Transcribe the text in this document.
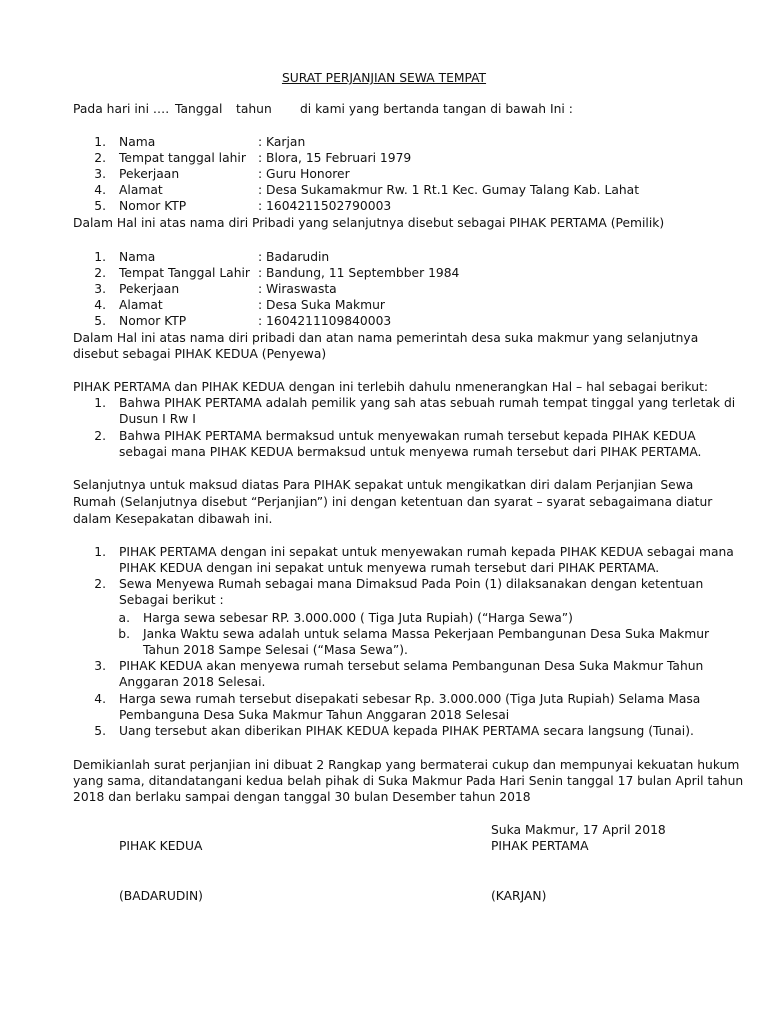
SURAT PERJANJIAN SEWA TEMPAT
Pada hari ini …. Tanggal tahun di kami yang bertanda tangan di bawah Ini :
1. Nama	: Karjan
2. Tempat tanggal lahir : Blora, 15 Februari 1979
3. Pekerjaan	: Guru Honorer
4. Alamat	: Desa Sukamakmur Rw. 1 Rt.1 Kec. Gumay Talang Kab. Lahat
5. Nomor KTP	: 1604211502790003
Dalam Hal ini atas nama diri Pribadi yang selanjutnya disebut sebagai PIHAK PERTAMA (Pemilik)
1. Nama	: Badarudin
2. Tempat Tanggal Lahir : Bandung, 11 Septembber 1984
3. Pekerjaan	: Wiraswasta
4. Alamat	: Desa Suka Makmur
5. Nomor KTP	: 1604211109840003
Dalam Hal ini atas nama diri pribadi dan atan nama pemerintah desa suka makmur yang selanjutnya
disebut sebagai PIHAK KEDUA (Penyewa)
PIHAK PERTAMA dan PIHAK KEDUA dengan ini terlebih dahulu nmenerangkan Hal – hal sebagai berikut:
1. Bahwa PIHAK PERTAMA adalah pemilik yang sah atas sebuah rumah tempat tinggal yang terletak di
Dusun I Rw I
2. Bahwa PIHAK PERTAMA bermaksud untuk menyewakan rumah tersebut kepada PIHAK KEDUA
sebagai mana PIHAK KEDUA bermaksud untuk menyewa rumah tersebut dari PIHAK PERTAMA.
Selanjutnya untuk maksud diatas Para PIHAK sepakat untuk mengikatkan diri dalam Perjanjian Sewa
Rumah (Selanjutnya disebut “Perjanjian”) ini dengan ketentuan dan syarat – syarat sebagaimana diatur
dalam Kesepakatan dibawah ini.
1. PIHAK PERTAMA dengan ini sepakat untuk menyewakan rumah kepada PIHAK KEDUA sebagai mana
PIHAK KEDUA dengan ini sepakat untuk menyewa rumah tersebut dari PIHAK PERTAMA.
2. Sewa Menyewa Rumah sebagai mana Dimaksud Pada Poin (1) dilaksanakan dengan ketentuan
Sebagai berikut :
a. Harga sewa sebesar RP. 3.000.000 ( Tiga Juta Rupiah) (“Harga Sewa”)
b. Janka Waktu sewa adalah untuk selama Massa Pekerjaan Pembangunan Desa Suka Makmur
Tahun 2018 Sampe Selesai (“Masa Sewa”).
3. PIHAK KEDUA akan menyewa rumah tersebut selama Pembangunan Desa Suka Makmur Tahun
Anggaran 2018 Selesai.
4. Harga sewa rumah tersebut disepakati sebesar Rp. 3.000.000 (Tiga Juta Rupiah) Selama Masa
Pembanguna Desa Suka Makmur Tahun Anggaran 2018 Selesai
5. Uang tersebut akan diberikan PIHAK KEDUA kepada PIHAK PERTAMA secara langsung (Tunai).
Demikianlah surat perjanjian ini dibuat 2 Rangkap yang bermaterai cukup dan mempunyai kekuatan hukum
yang sama, ditandatangani kedua belah pihak di Suka Makmur Pada Hari Senin tanggal 17 bulan April tahun
2018 dan berlaku sampai dengan tanggal 30 bulan Desember tahun 2018
Suka Makmur, 17 April 2018
PIHAK KEDUA	PIHAK PERTAMA
(BADARUDIN)	(KARJAN)
